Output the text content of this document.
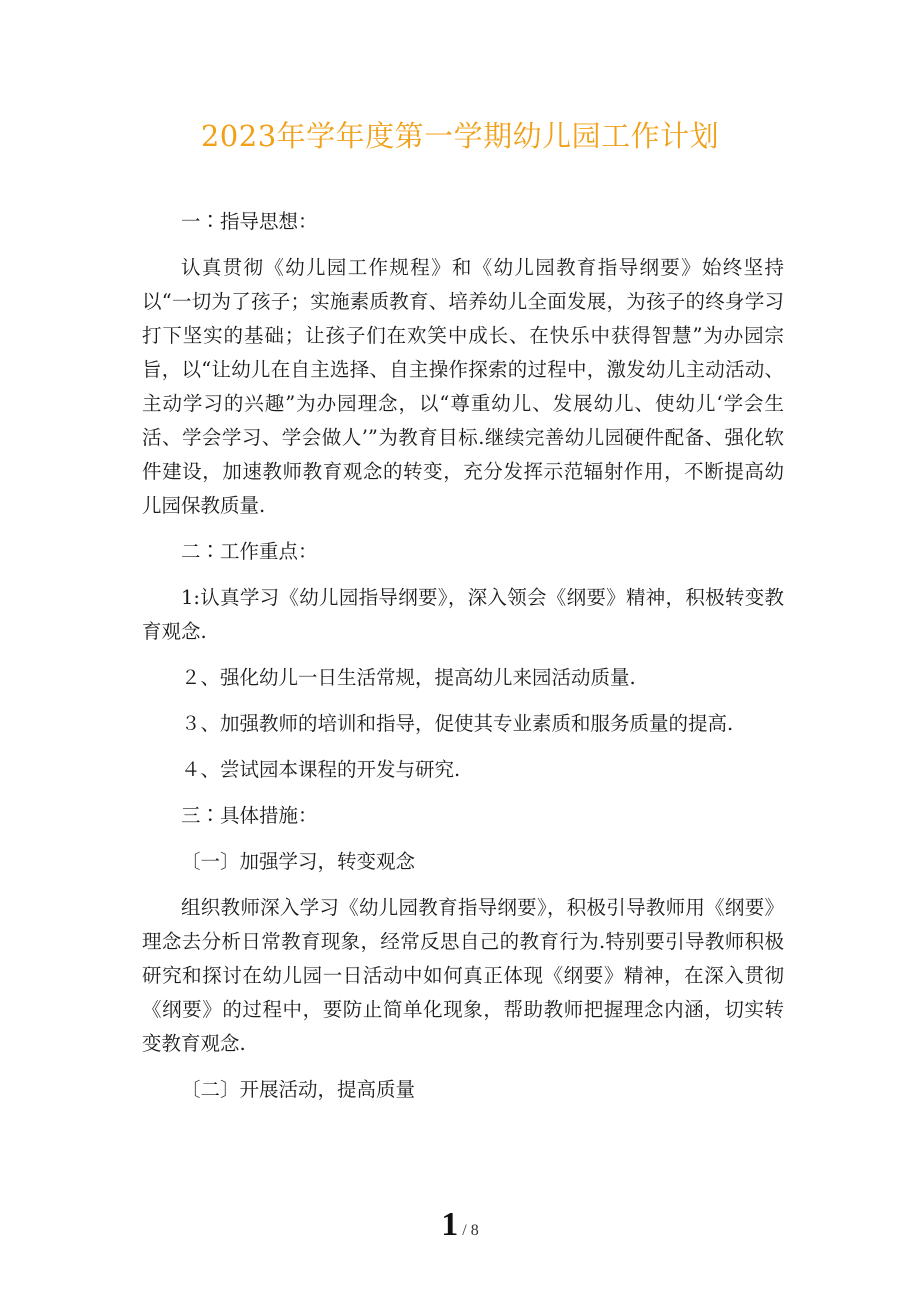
2023年学年度第一学期幼儿园工作计划

一∶指导思想：

认真贯彻《幼儿园工作规程》和《幼儿园教育指导纲要》始终坚持以“一切为了孩子；实施素质教育、培养幼儿全面发展，为孩子的终身学习打下坚实的基础；让孩子们在欢笑中成长、在快乐中获得智慧”为办园宗旨，以“让幼儿在自主选择、自主操作探索的过程中，激发幼儿主动活动、主动学习的兴趣”为办园理念，以“尊重幼儿、发展幼儿、使幼儿‘学会生活、学会学习、学会做人’”为教育目标.继续完善幼儿园硬件配备、强化软件建设，加速教师教育观念的转变，充分发挥示范辐射作用，不断提高幼儿园保教质量.

二∶工作重点：

1:认真学习《幼儿园指导纲要》，深入领会《纲要》精神，积极转变教育观念.

２、强化幼儿一日生活常规，提高幼儿来园活动质量.

３、加强教师的培训和指导，促使其专业素质和服务质量的提高.

４、尝试园本课程的开发与研究.

三∶具体措施：

〔一〕加强学习，转变观念

组织教师深入学习《幼儿园教育指导纲要》，积极引导教师用《纲要》理念去分析日常教育现象，经常反思自己的教育行为.特别要引导教师积极研究和探讨在幼儿园一日活动中如何真正体现《纲要》精神，在深入贯彻《纲要》的过程中，要防止简单化现象，帮助教师把握理念内涵，切实转变教育观念.

〔二〕开展活动，提高质量

1 / 8
